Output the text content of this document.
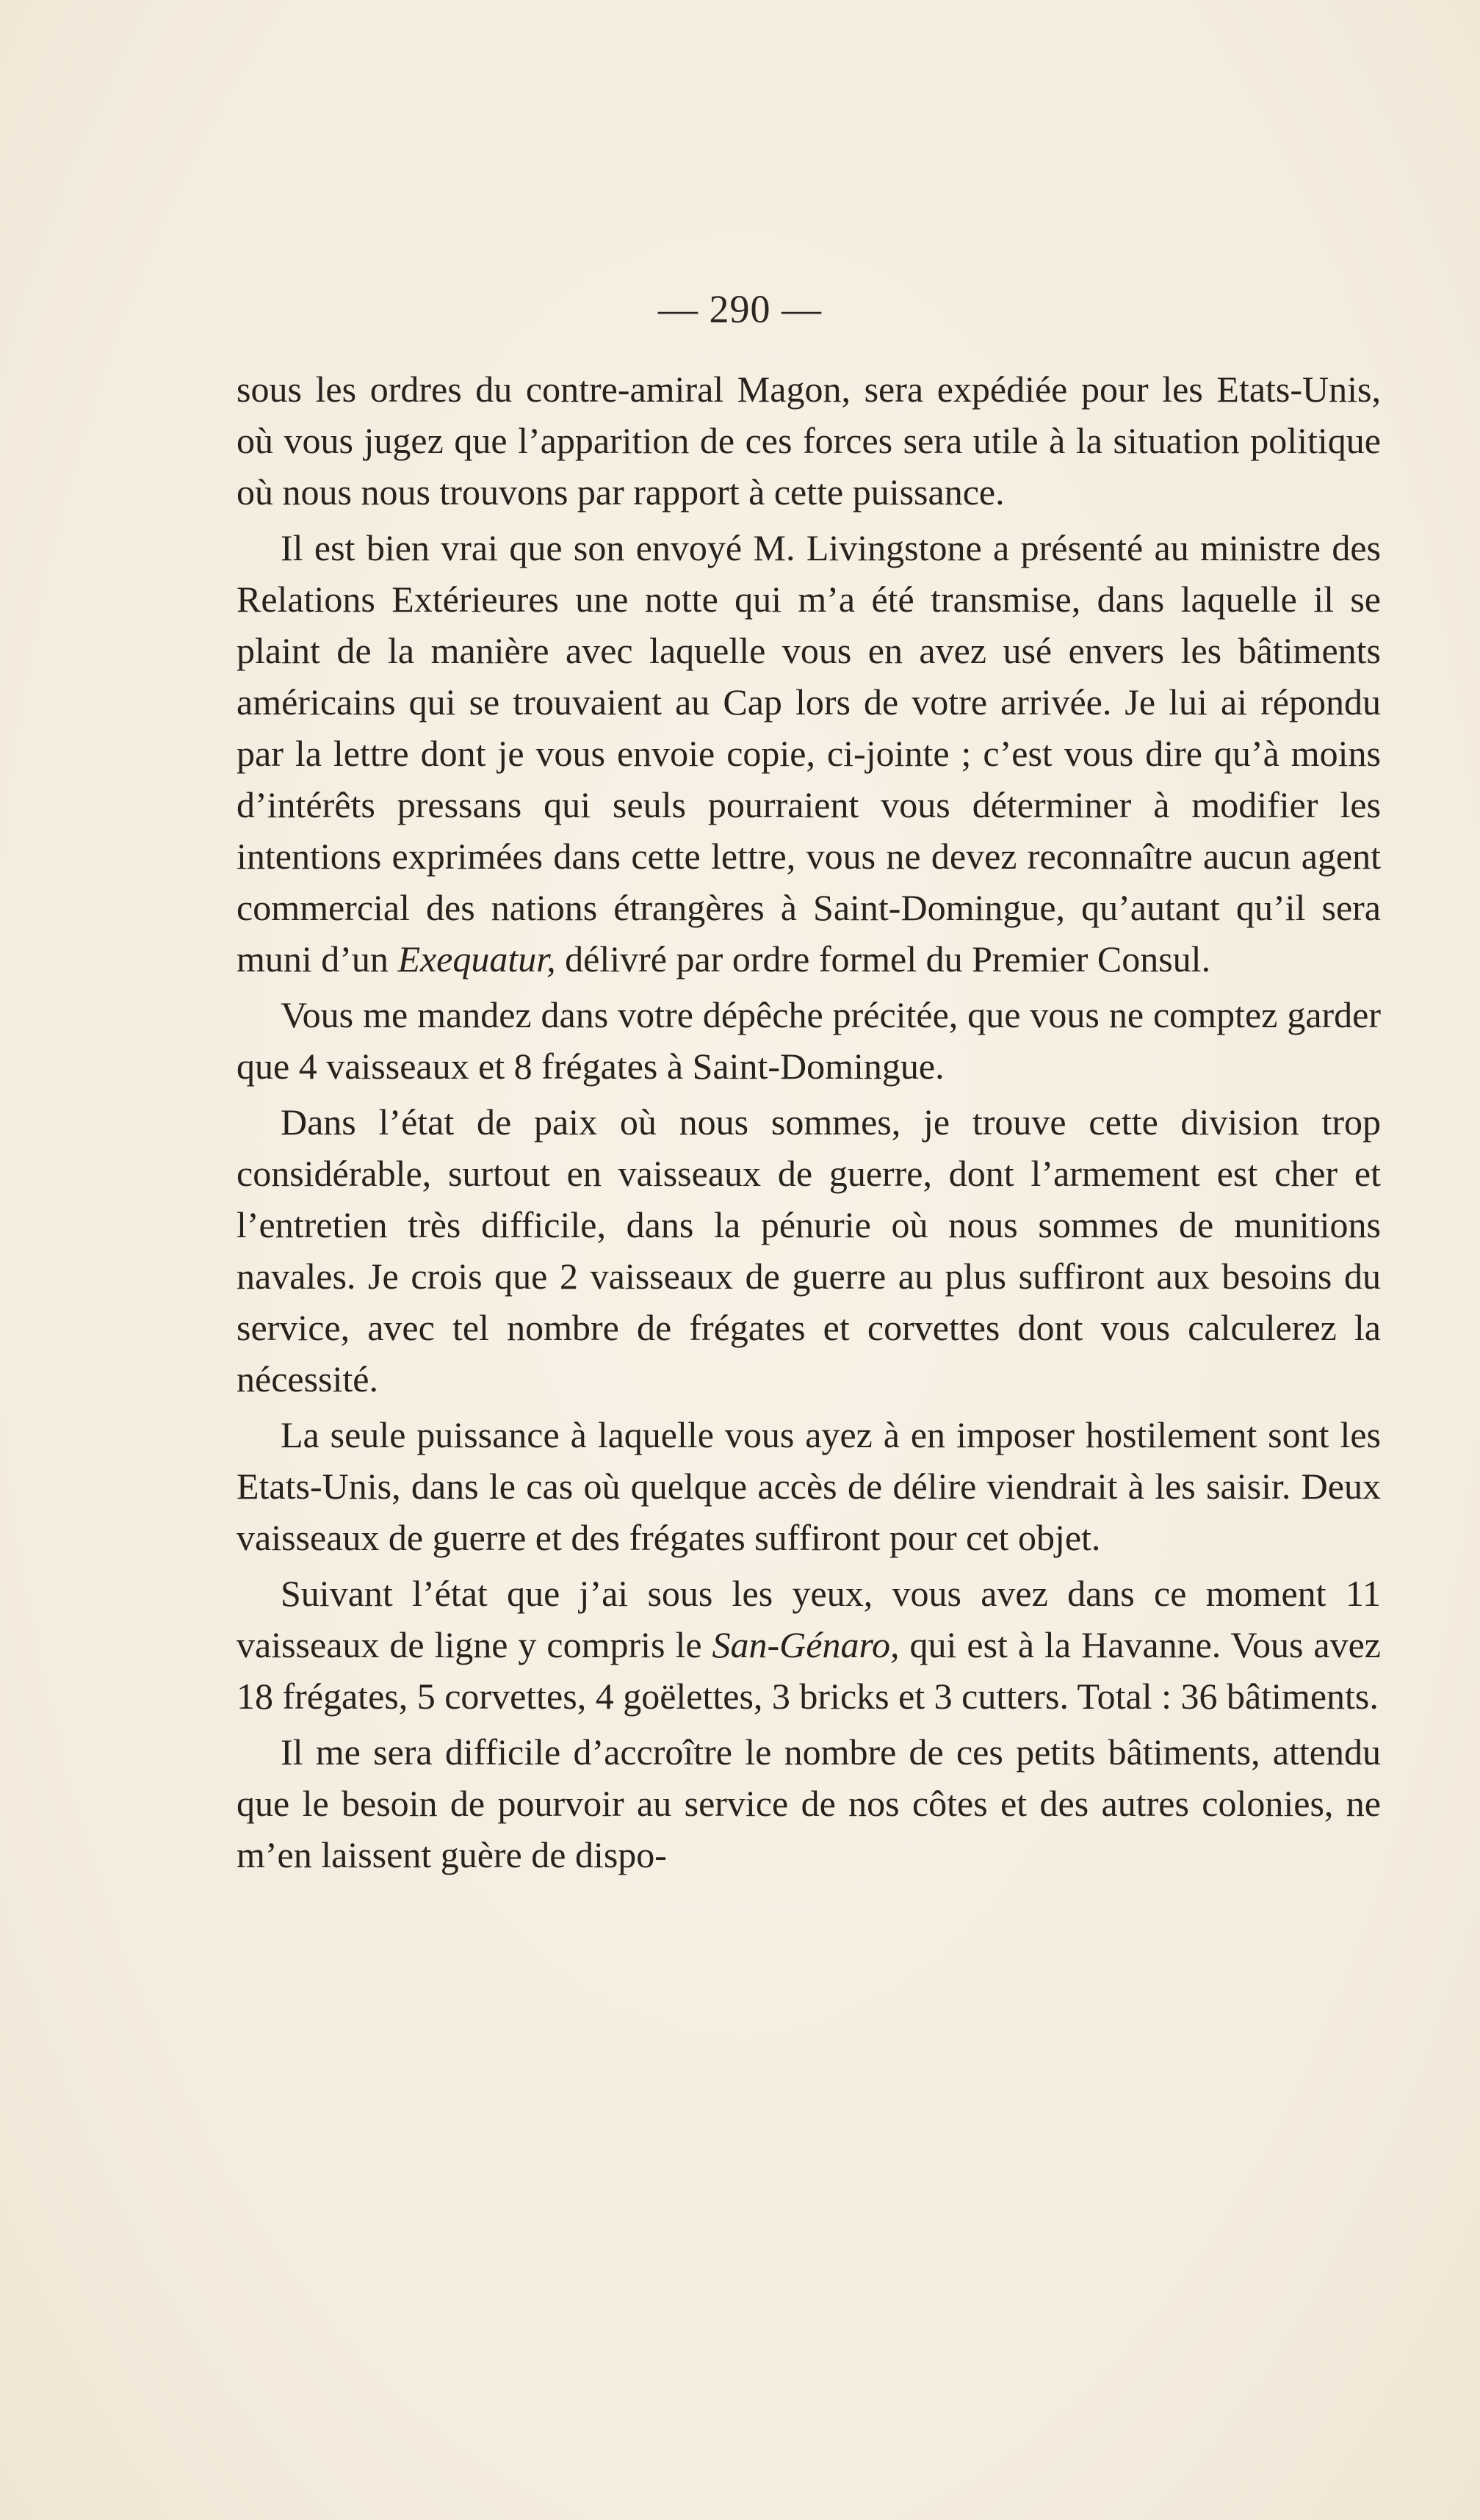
— 290 —

sous les ordres du contre-amiral Magon, sera expédiée pour les Etats-Unis, où vous jugez que l’apparition de ces forces sera utile à la situation politique où nous nous trouvons par rapport à cette puissance.

Il est bien vrai que son envoyé M. Livingstone a présenté au ministre des Relations Extérieures une notte qui m’a été transmise, dans laquelle il se plaint de la manière avec laquelle vous en avez usé envers les bâtiments américains qui se trouvaient au Cap lors de votre arrivée. Je lui ai répondu par la lettre dont je vous envoie copie, ci-jointe ; c’est vous dire qu’à moins d’intérêts pressans qui seuls pourraient vous déterminer à modifier les intentions exprimées dans cette lettre, vous ne devez reconnaître aucun agent commercial des nations étrangères à Saint-Domingue, qu’autant qu’il sera muni d’un Exequatur, délivré par ordre formel du Premier Consul.

Vous me mandez dans votre dépêche précitée, que vous ne comptez garder que 4 vaisseaux et 8 frégates à Saint-Domingue.

Dans l’état de paix où nous sommes, je trouve cette division trop considérable, surtout en vaisseaux de guerre, dont l’armement est cher et l’entretien très difficile, dans la pénurie où nous sommes de munitions navales. Je crois que 2 vaisseaux de guerre au plus suffiront aux besoins du service, avec tel nombre de frégates et corvettes dont vous calculerez la nécessité.

La seule puissance à laquelle vous ayez à en imposer hostilement sont les Etats-Unis, dans le cas où quelque accès de délire viendrait à les saisir. Deux vaisseaux de guerre et des frégates suffiront pour cet objet.

Suivant l’état que j’ai sous les yeux, vous avez dans ce moment 11 vaisseaux de ligne y compris le San-Génaro, qui est à la Havanne. Vous avez 18 frégates, 5 corvettes, 4 goëlettes, 3 bricks et 3 cutters. Total : 36 bâtiments.

Il me sera difficile d’accroître le nombre de ces petits bâtiments, attendu que le besoin de pourvoir au service de nos côtes et des autres colonies, ne m’en laissent guère de dispo-
